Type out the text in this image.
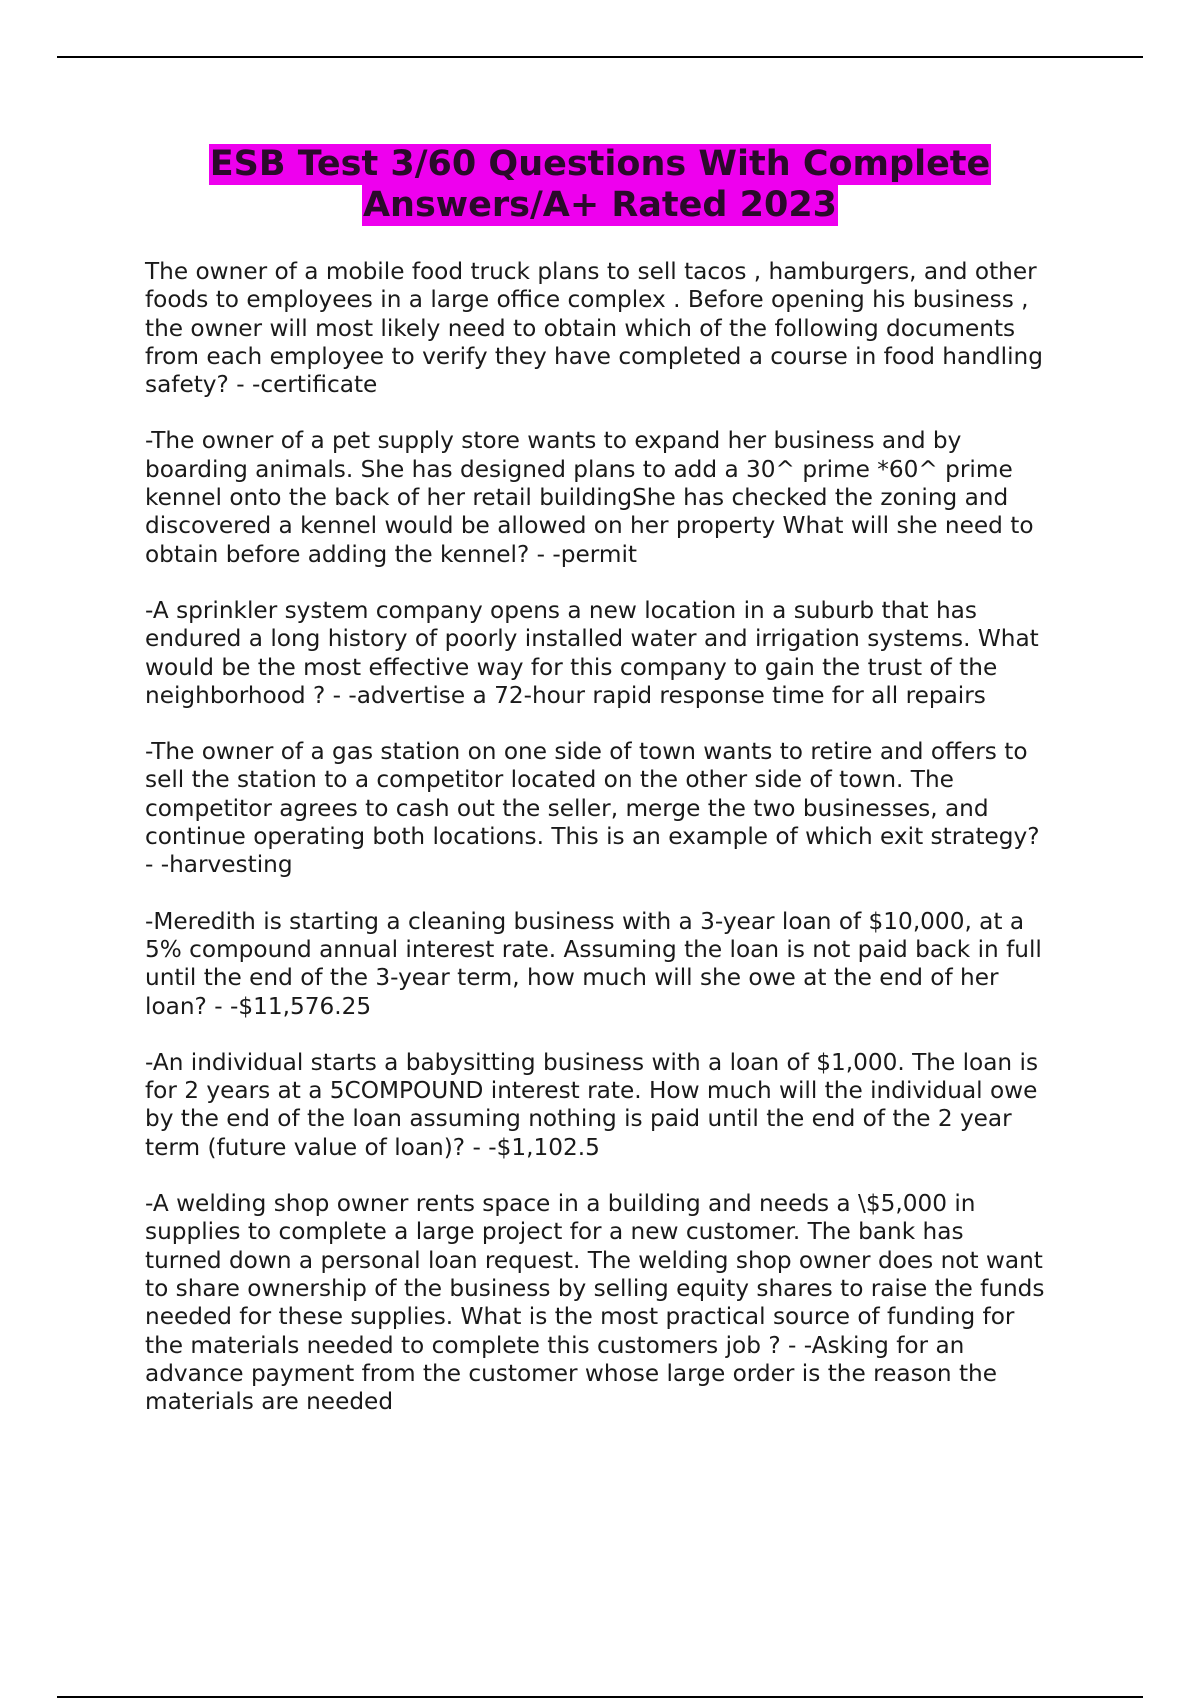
ESB Test 3/60 Questions With Complete
Answers/A+ Rated 2023

The owner of a mobile food truck plans to sell tacos , hamburgers, and other
foods to employees in a large office complex . Before opening his business ,
the owner will most likely need to obtain which of the following documents
from each employee to verify they have completed a course in food handling
safety? - -certificate

-The owner of a pet supply store wants to expand her business and by
boarding animals. She has designed plans to add a 30^ prime *60^ prime
kennel onto the back of her retail buildingShe has checked the zoning and
discovered a kennel would be allowed on her property What will she need to
obtain before adding the kennel? - -permit

-A sprinkler system company opens a new location in a suburb that has
endured a long history of poorly installed water and irrigation systems. What
would be the most effective way for this company to gain the trust of the
neighborhood ? - -advertise a 72-hour rapid response time for all repairs

-The owner of a gas station on one side of town wants to retire and offers to
sell the station to a competitor located on the other side of town. The
competitor agrees to cash out the seller, merge the two businesses, and
continue operating both locations. This is an example of which exit strategy?
- -harvesting

-Meredith is starting a cleaning business with a 3-year loan of $10,000, at a
5% compound annual interest rate. Assuming the loan is not paid back in full
until the end of the 3-year term, how much will she owe at the end of her
loan? - -$11,576.25

-An individual starts a babysitting business with a loan of $1,000. The loan is
for 2 years at a 5COMPOUND interest rate. How much will the individual owe
by the end of the loan assuming nothing is paid until the end of the 2 year
term (future value of loan)? - -$1,102.5

-A welding shop owner rents space in a building and needs a \$5,000 in
supplies to complete a large project for a new customer. The bank has
turned down a personal loan request. The welding shop owner does not want
to share ownership of the business by selling equity shares to raise the funds
needed for these supplies. What is the most practical source of funding for
the materials needed to complete this customers job ? - -Asking for an
advance payment from the customer whose large order is the reason the
materials are needed
